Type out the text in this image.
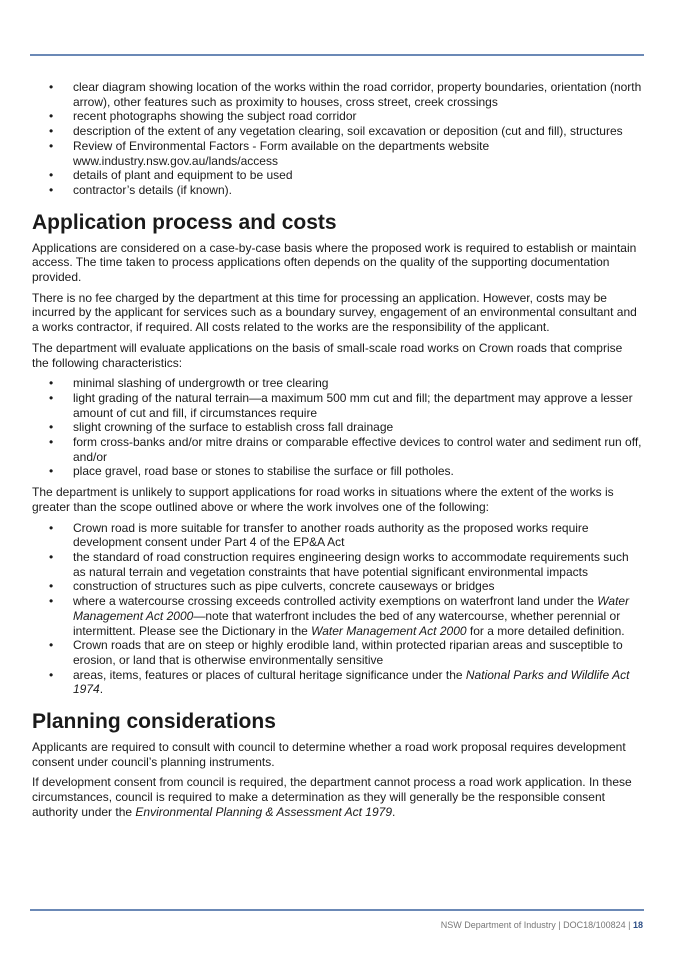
• clear diagram showing location of the works within the road corridor, property boundaries, orientation (north arrow), other features such as proximity to houses, cross street, creek crossings
• recent photographs showing the subject road corridor
• description of the extent of any vegetation clearing, soil excavation or deposition (cut and fill), structures
• Review of Environmental Factors - Form available on the departments website www.industry.nsw.gov.au/lands/access
• details of plant and equipment to be used
• contractor’s details (if known).
Application process and costs

Applications are considered on a case-by-case basis where the proposed work is required to establish or maintain access. The time taken to process applications often depends on the quality of the supporting documentation provided.

There is no fee charged by the department at this time for processing an application. However, costs may be incurred by the applicant for services such as a boundary survey, engagement of an environmental consultant and a works contractor, if required. All costs related to the works are the responsibility of the applicant.

The department will evaluate applications on the basis of small-scale road works on Crown roads that comprise the following characteristics:

• minimal slashing of undergrowth or tree clearing
• light grading of the natural terrain—a maximum 500 mm cut and fill; the department may approve a lesser amount of cut and fill, if circumstances require
• slight crowning of the surface to establish cross fall drainage
• form cross-banks and/or mitre drains or comparable effective devices to control water and sediment run off, and/or
• place gravel, road base or stones to stabilise the surface or fill potholes.

The department is unlikely to support applications for road works in situations where the extent of the works is greater than the scope outlined above or where the work involves one of the following:

• Crown road is more suitable for transfer to another roads authority as the proposed works require development consent under Part 4 of the EP&A Act
• the standard of road construction requires engineering design works to accommodate requirements such as natural terrain and vegetation constraints that have potential significant environmental impacts
• construction of structures such as pipe culverts, concrete causeways or bridges
• where a watercourse crossing exceeds controlled activity exemptions on waterfront land under the Water Management Act 2000—note that waterfront includes the bed of any watercourse, whether perennial or intermittent. Please see the Dictionary in the Water Management Act 2000 for a more detailed definition.
• Crown roads that are on steep or highly erodible land, within protected riparian areas and susceptible to erosion, or land that is otherwise environmentally sensitive
• areas, items, features or places of cultural heritage significance under the National Parks and Wildlife Act 1974.
Planning considerations

Applicants are required to consult with council to determine whether a road work proposal requires development consent under council’s planning instruments.

If development consent from council is required, the department cannot process a road work application. In these circumstances, council is required to make a determination as they will generally be the responsible consent authority under the Environmental Planning & Assessment Act 1979.

NSW Department of Industry | DOC18/100824 | 18
